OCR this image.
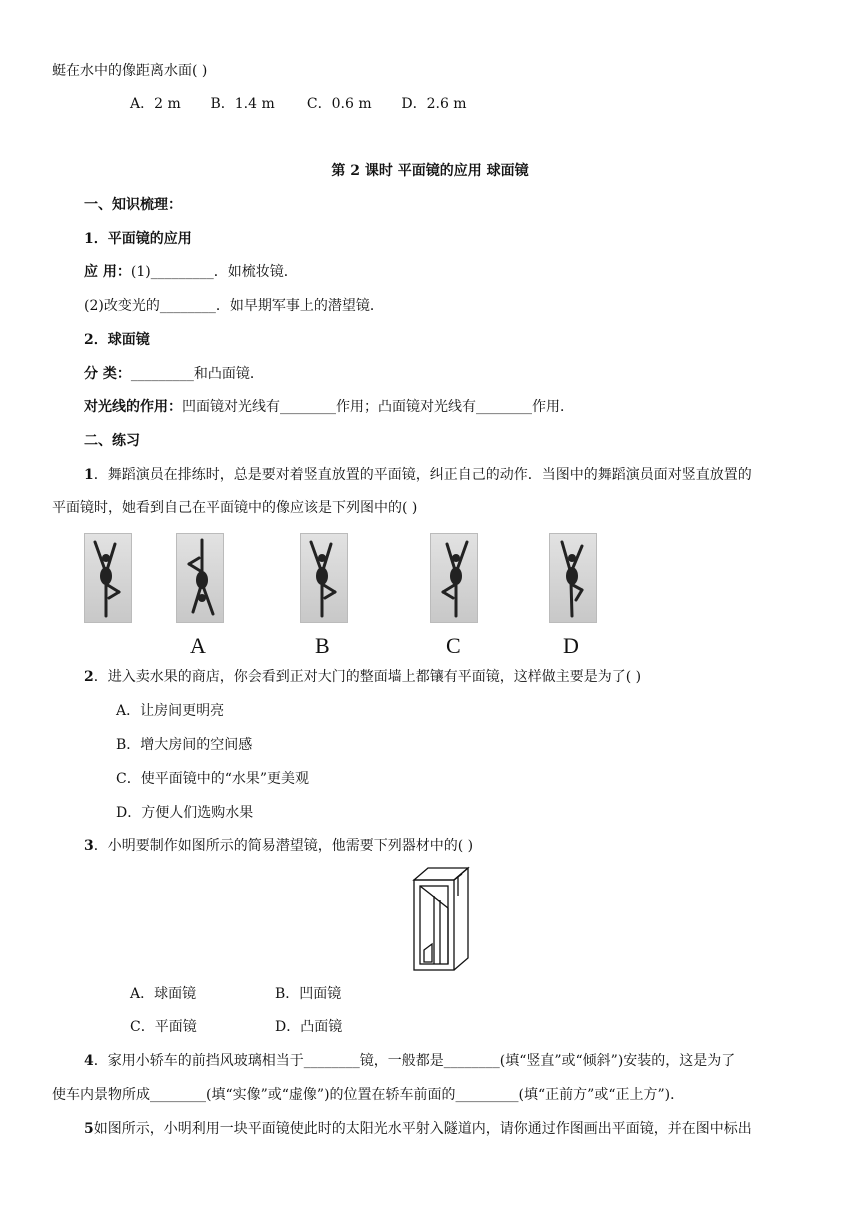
蜓在水中的像距离水面( )
A．2 m B．1.4 m C．0.6 m D．2.6 m
第 2 课时 平面镜的应用 球面镜
一、知识梳理：
1．平面镜的应用
应 用：(1)_________．如梳妆镜．
(2)改变光的________．如早期军事上的潜望镜．
2．球面镜
分 类：_________和凸面镜．
对光线的作用：凹面镜对光线有________作用；凸面镜对光线有________作用．
二、练习
1．舞蹈演员在排练时，总是要对着竖直放置的平面镜，纠正自己的动作．当图中的舞蹈演员面对竖直放置的
平面镜时，她看到自己在平面镜中的像应该是下列图中的( )
A	B	C	D
2．进入卖水果的商店，你会看到正对大门的整面墙上都镶有平面镜，这样做主要是为了( )
A．让房间更明亮
B．增大房间的空间感
C．使平面镜中的“水果”更美观
D．方便人们选购水果
3．小明要制作如图所示的简易潜望镜，他需要下列器材中的( )
A．球面镜	B．凹面镜
C．平面镜	D．凸面镜
4．家用小轿车的前挡风玻璃相当于________镜，一般都是________(填“竖直”或“倾斜”)安装的，这是为了
使车内景物所成________(填“实像”或“虚像”)的位置在轿车前面的_________(填“正前方”或“正上方”)．
5如图所示，小明利用一块平面镜使此时的太阳光水平射入隧道内，请你通过作图画出平面镜，并在图中标出
